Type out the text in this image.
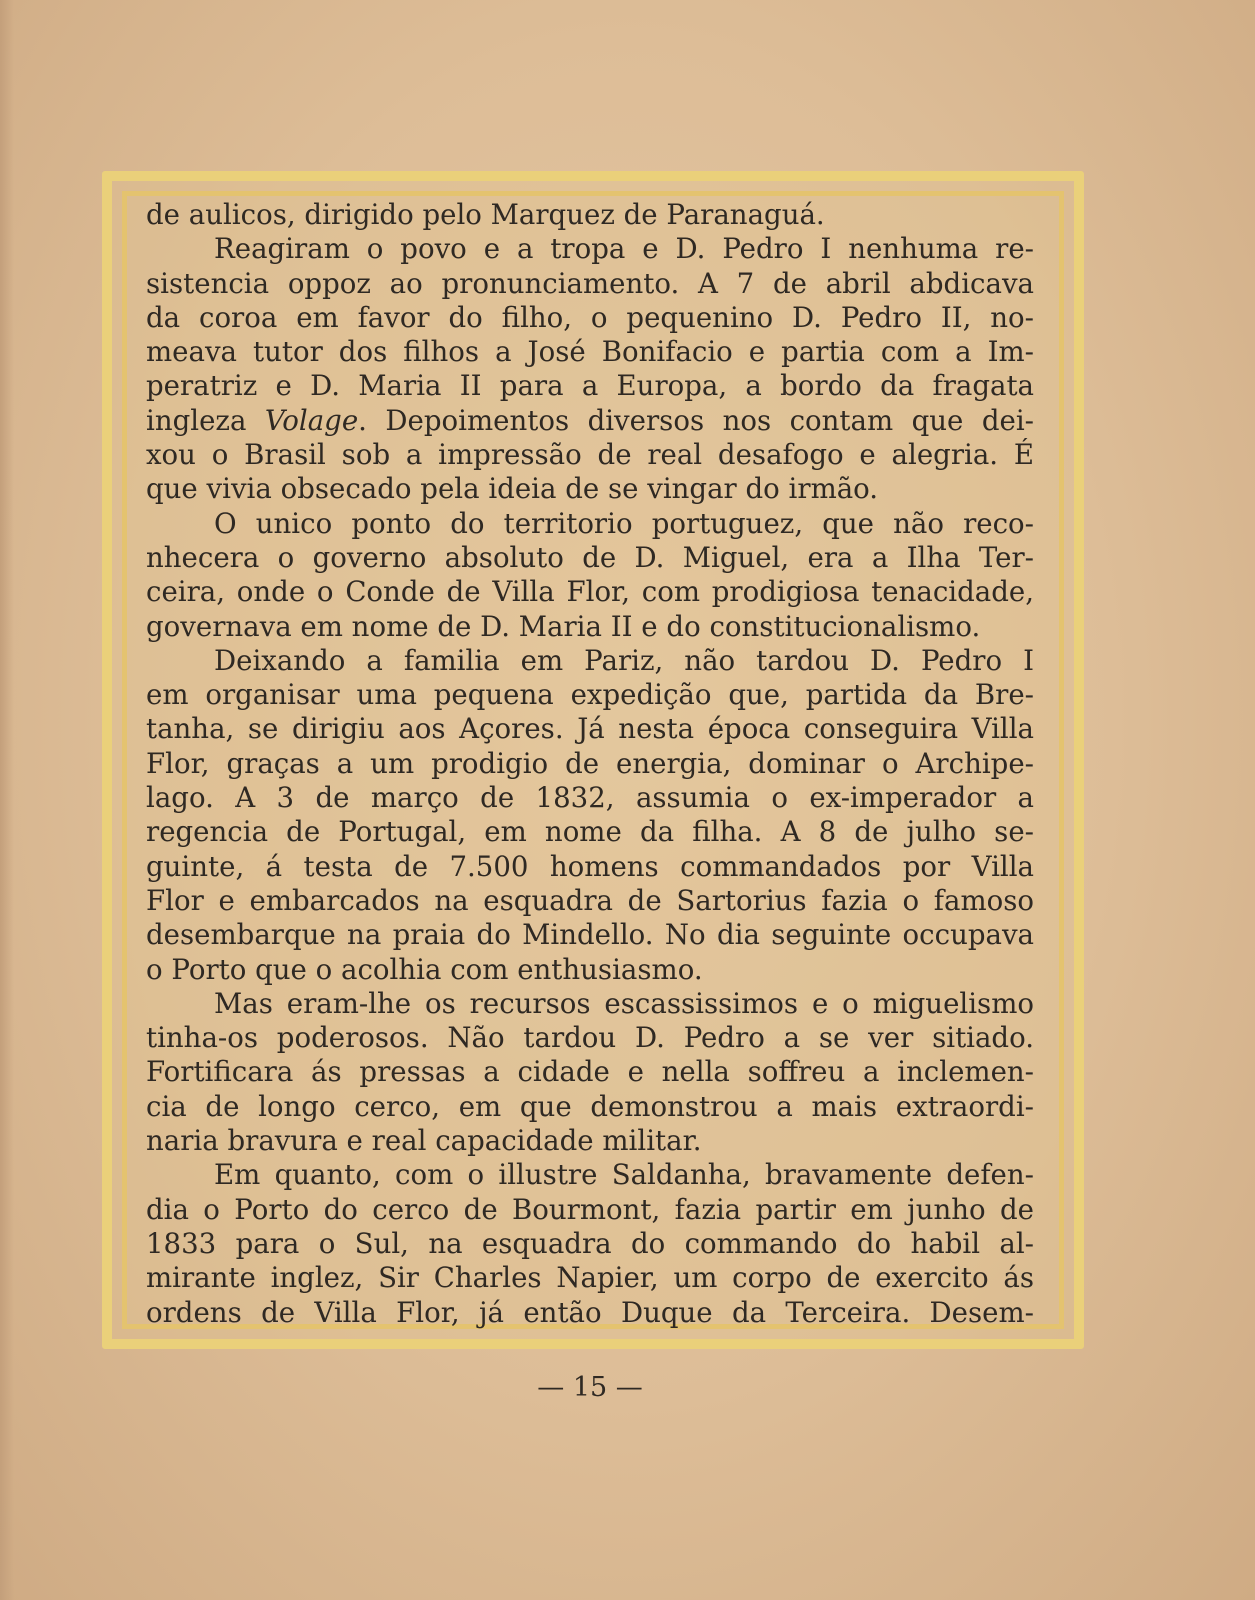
de aulicos, dirigido pelo Marquez de Paranaguá.
Reagiram o povo e a tropa e D. Pedro I nenhuma re-
sistencia oppoz ao pronunciamento. A 7 de abril abdicava
da coroa em favor do filho, o pequenino D. Pedro II, no-
meava tutor dos filhos a José Bonifacio e partia com a Im-
peratriz e D. Maria II para a Europa, a bordo da fragata
ingleza Volage. Depoimentos diversos nos contam que dei-
xou o Brasil sob a impressão de real desafogo e alegria. É
que vivia obsecado pela ideia de se vingar do irmão.
O unico ponto do territorio portuguez, que não reco-
nhecera o governo absoluto de D. Miguel, era a Ilha Ter-
ceira, onde o Conde de Villa Flor, com prodigiosa tenacidade,
governava em nome de D. Maria II e do constitucionalismo.
Deixando a familia em Pariz, não tardou D. Pedro I
em organisar uma pequena expedição que, partida da Bre-
tanha, se dirigiu aos Açores. Já nesta época conseguira Villa
Flor, graças a um prodigio de energia, dominar o Archipe-
lago. A 3 de março de 1832, assumia o ex-imperador a
regencia de Portugal, em nome da filha. A 8 de julho se-
guinte, á testa de 7.500 homens commandados por Villa
Flor e embarcados na esquadra de Sartorius fazia o famoso
desembarque na praia do Mindello. No dia seguinte occupava
o Porto que o acolhia com enthusiasmo.
Mas eram-lhe os recursos escassissimos e o miguelismo
tinha-os poderosos. Não tardou D. Pedro a se ver sitiado.
Fortificara ás pressas a cidade e nella soffreu a inclemen-
cia de longo cerco, em que demonstrou a mais extraordi-
naria bravura e real capacidade militar.
Em quanto, com o illustre Saldanha, bravamente defen-
dia o Porto do cerco de Bourmont, fazia partir em junho de
1833 para o Sul, na esquadra do commando do habil al-
mirante inglez, Sir Charles Napier, um corpo de exercito ás
ordens de Villa Flor, já então Duque da Terceira. Desem-
— 15 —
